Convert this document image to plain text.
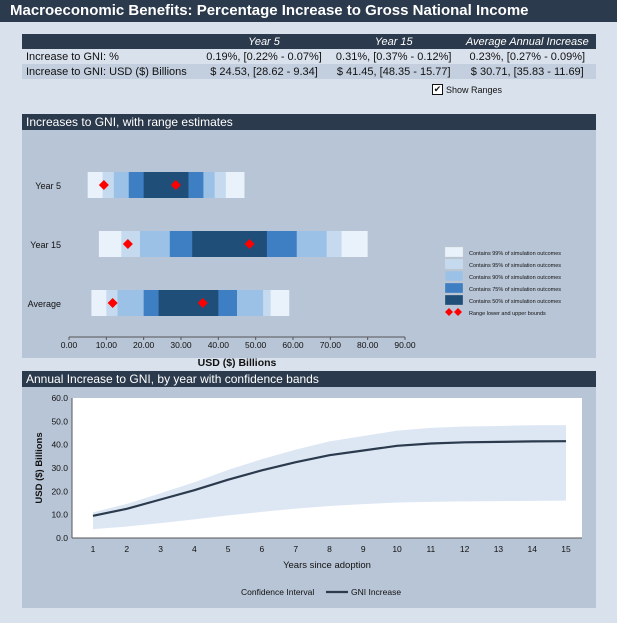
Macroeconomic Benefits: Percentage Increase to Gross National Income
	Year 5	Year 15	Average Annual Increase
Increase to GNI: %	0.19%, [0.22% - 0.07%]	0.31%, [0.37% - 0.12%]	0.23%, [0.27% - 0.09%]
Increase to GNI: USD ($) Billions	$ 24.53, [28.62 - 9.34]	$ 41.45, [48.35 - 15.77]	$ 30.71, [35.83 - 11.69]
✔ Show Ranges
Increases to GNI, with range estimates
Year 5
Year 15
Average
0.00 10.00 20.00 30.00 40.00 50.00 60.00 70.00 80.00 90.00
USD ($) Billions
Contains 99% of simulation outcomes
Contains 95% of simulation outcomes
Contains 90% of simulation outcomes
Contains 75% of simulation outcomes
Contains 50% of simulation outcomes
Range lower and upper bounds
Annual Increase to GNI, by year with confidence bands
0.0
10.0
20.0
30.0
40.0
50.0
60.0
1	2	3	4	5	6	7	8	9	10	11	12	13	14	15
Years since adoption
USD ($) Billions
Confidence Interval	GNI Increase
